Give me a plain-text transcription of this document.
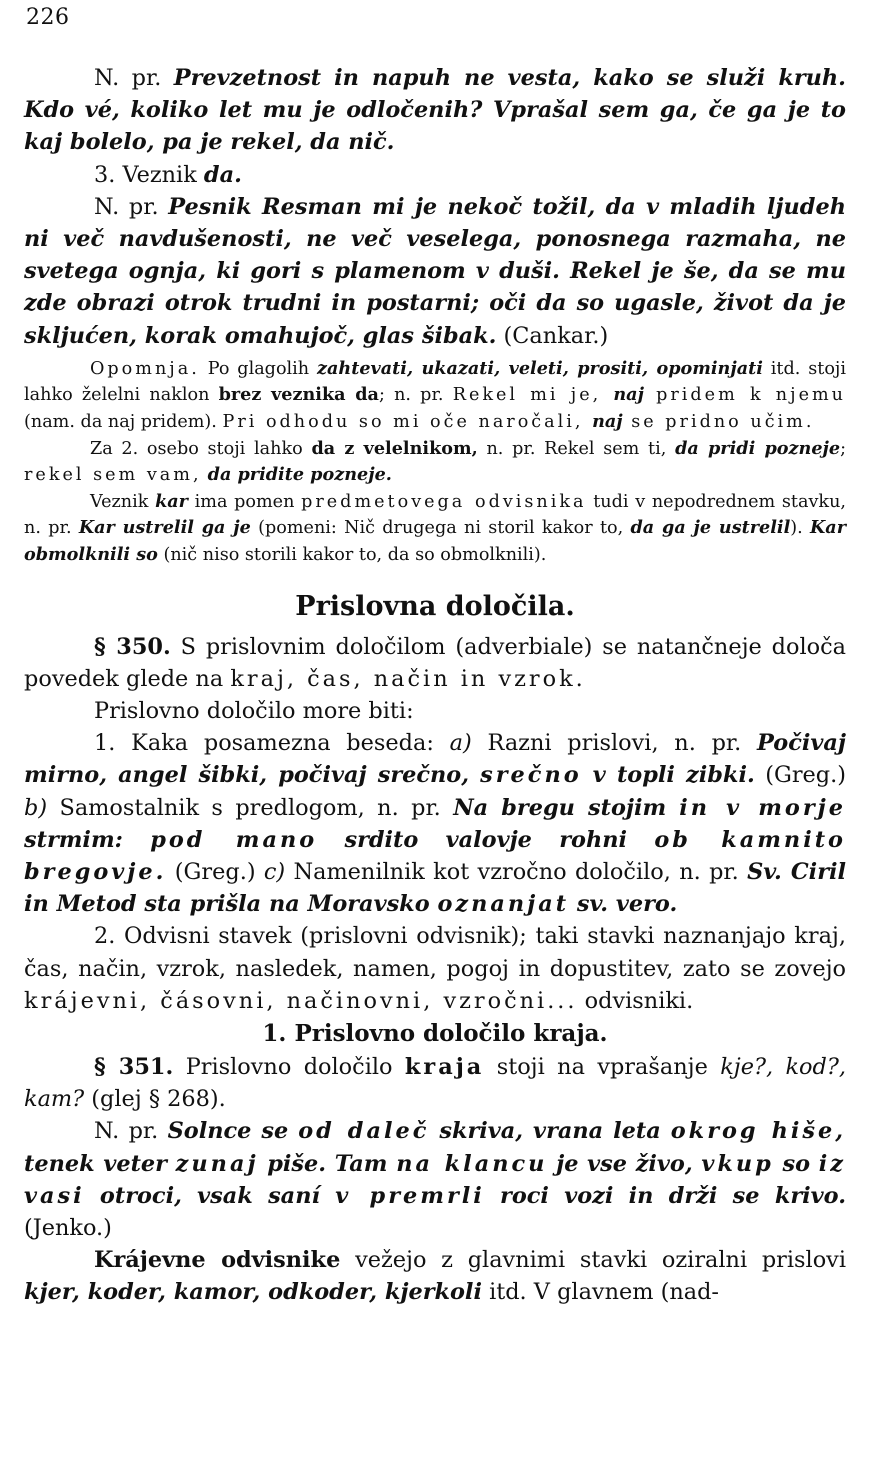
226

N. pr. Prevzetnost in napuh ne vesta, kako se služi kruh. Kdo vé, koliko let mu je odločenih? Vprašal sem ga, če ga je to kaj bolelo, pa je rekel, da nič.

3. Veznik da.

N. pr. Pesnik Resman mi je nekoč tožil, da v mladih ljudeh ni več navdušenosti, ne več veselega, ponosnega razmaha, ne svetega ognja, ki gori s plamenom v duši. Rekel je še, da se mu zde obrazi otrok trudni in postarni; oči da so ugasle, život da je skljućen, korak omahujoč, glas šibak. (Cankar.)

Opomnja. Po glagolih zahtevati, ukazati, veleti, prositi, opominjati itd. stoji lahko želelni naklon brez veznika da; n. pr. Rekel mi je, naj pridem k njemu (nam. da naj pridem). Pri odhodu so mi oče naročali, naj se pridno učim.

Za 2. osebo stoji lahko da z velelnikom, n. pr. Rekel sem ti, da pridi pozneje; rekel sem vam, da pridite pozneje.

Veznik kar ima pomen predmetovega odvisnika tudi v nepodrednem stavku, n. pr. Kar ustrelil ga je (pomeni: Nič drugega ni storil kakor to, da ga je ustrelil). Kar obmolknili so (nič niso storili kakor to, da so obmolknili).

Prislovna določila.

§ 350. S prislovnim določilom (adverbiale) se natančneje določa povedek glede na kraj, čas, način in vzrok.

Prislovno določilo more biti:

1. Kaka posamezna beseda: a) Razni prislovi, n. pr. Počivaj mirno, angel šibki, počivaj srečno, srečno v topli zibki. (Greg.) b) Samostalnik s predlogom, n. pr. Na bregu stojim in v morje strmim: pod mano srdito valovje rohni ob kamnito bregovje. (Greg.) c) Namenilnik kot vzročno določilo, n. pr. Sv. Ciril in Metod sta prišla na Moravsko oznanjat sv. vero.

2. Odvisni stavek (prislovni odvisnik); taki stavki naznanjajo kraj, čas, način, vzrok, nasledek, namen, pogoj in dopustitev, zato se zovejo krájevni, čásovni, načinovni, vzročni... odvisniki.

1. Prislovno določilo kraja.

§ 351. Prislovno določilo kraja stoji na vprašanje kje?, kod?, kam? (glej § 268).

N. pr. Solnce se od daleč skriva, vrana leta okrog hiše, tenek veter zunaj piše. Tam na klancu je vse živo, vkup so iz vasi otroci, vsak saní v premrli roci vozi in drži se krivo. (Jenko.)

Krájevne odvisnike vežejo z glavnimi stavki oziralni prislovi kjer, koder, kamor, odkoder, kjerkoli itd. V glavnem (nad-
